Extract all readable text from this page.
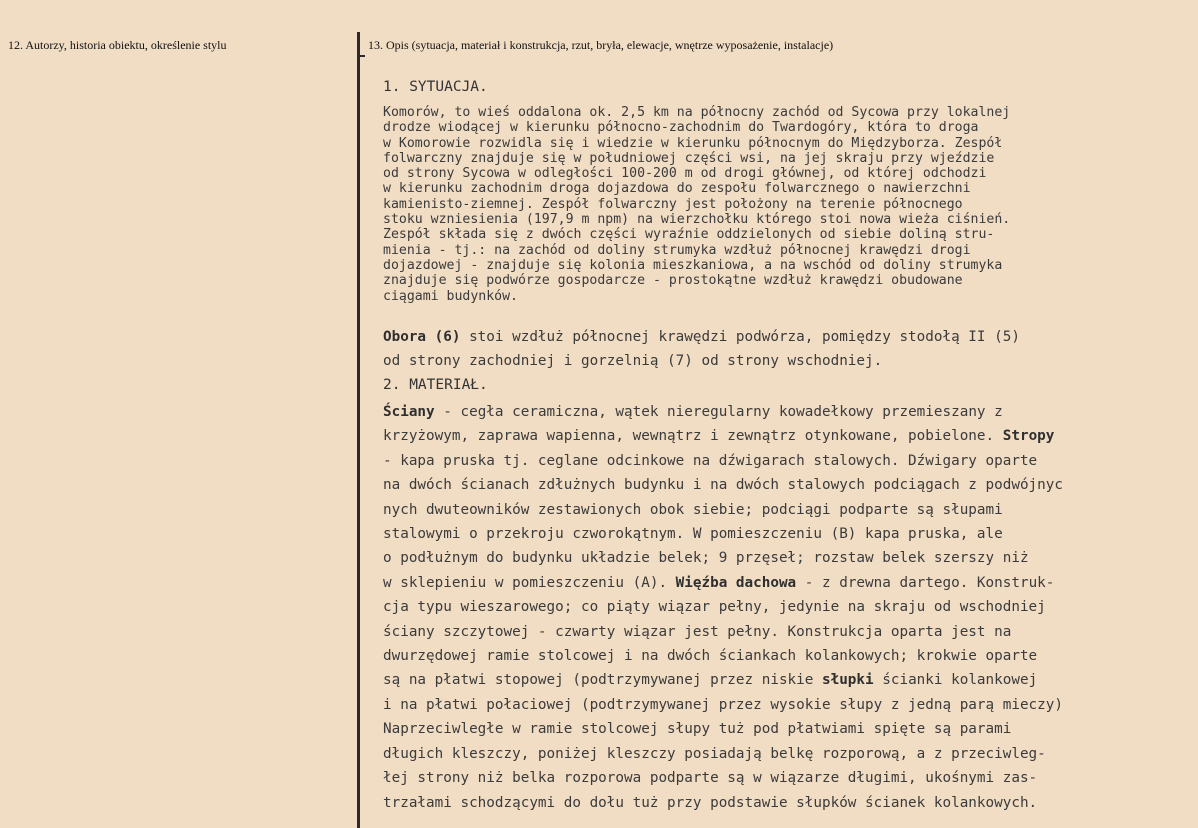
12. Autorzy, historia obiektu, określenie stylu	13. Opis (sytuacja, materiał i konstrukcja, rzut, bryła, elewacje, wnętrze wyposażenie, instalacje)
1. SYTUACJA.
Komorów, to wieś oddalona ok. 2,5 km na północny zachód od Sycowa przy lokalnej
drodze wiodącej w kierunku północno-zachodnim do Twardogóry, która to droga
w Komorowie rozwidla się i wiedzie w kierunku północnym do Międzyborza. Zespół
folwarczny znajduje się w południowej części wsi, na jej skraju przy wjeździe
od strony Sycowa w odległości 100-200 m od drogi głównej, od której odchodzi
w kierunku zachodnim droga dojazdowa do zespołu folwarcznego o nawierzchni
kamienisto-ziemnej. Zespół folwarczny jest położony na terenie północnego
stoku wzniesienia (197,9 m npm) na wierzchołku którego stoi nowa wieża ciśnień.
Zespół składa się z dwóch części wyraźnie oddzielonych od siebie doliną stru-
mienia - tj.: na zachód od doliny strumyka wzdłuż północnej krawędzi drogi
dojazdowej - znajduje się kolonia mieszkaniowa, a na wschód od doliny strumyka
znajduje się podwórze gospodarcze - prostokątne wzdłuż krawędzi obudowane
ciągami budynków.
Obora (6) stoi wzdłuż północnej krawędzi podwórza, pomiędzy stodołą II (5)
od strony zachodniej i gorzelnią (7) od strony wschodniej.
2. MATERIAŁ.
Ściany - cegła ceramiczna, wątek nieregularny kowadełkowy przemieszany z
krzyżowym, zaprawa wapienna, wewnątrz i zewnątrz otynkowane, pobielone. Stropy
- kapa pruska tj. ceglane odcinkowe na dźwigarach stalowych. Dźwigary oparte
na dwóch ścianach zdłużnych budynku i na dwóch stalowych podciągach z podwójnyc
nych dwuteowników zestawionych obok siebie; podciągi podparte są słupami
stalowymi o przekroju czworokątnym. W pomieszczeniu (B) kapa pruska, ale
o podłużnym do budynku układzie belek; 9 przęseł; rozstaw belek szerszy niż
w sklepieniu w pomieszczeniu (A). Więźba dachowa - z drewna dartego. Konstruk-
cja typu wieszarowego; co piąty wiązar pełny, jedynie na skraju od wschodniej
ściany szczytowej - czwarty wiązar jest pełny. Konstrukcja oparta jest na
dwurzędowej ramie stolcowej i na dwóch ściankach kolankowych; krokwie oparte
są na płatwi stopowej (podtrzymywanej przez niskie słupki ścianki kolankowej
i na płatwi połaciowej (podtrzymywanej przez wysokie słupy z jedną parą mieczy)
Naprzeciwległe w ramie stolcowej słupy tuż pod płatwiami spięte są parami
długich kleszczy, poniżej kleszczy posiadają belkę rozporową, a z przeciwleg-
łej strony niż belka rozporowa podparte są w wiązarze długimi, ukośnymi zas-
trzałami schodzącymi do dołu tuż przy podstawie słupków ścianek kolankowych.
